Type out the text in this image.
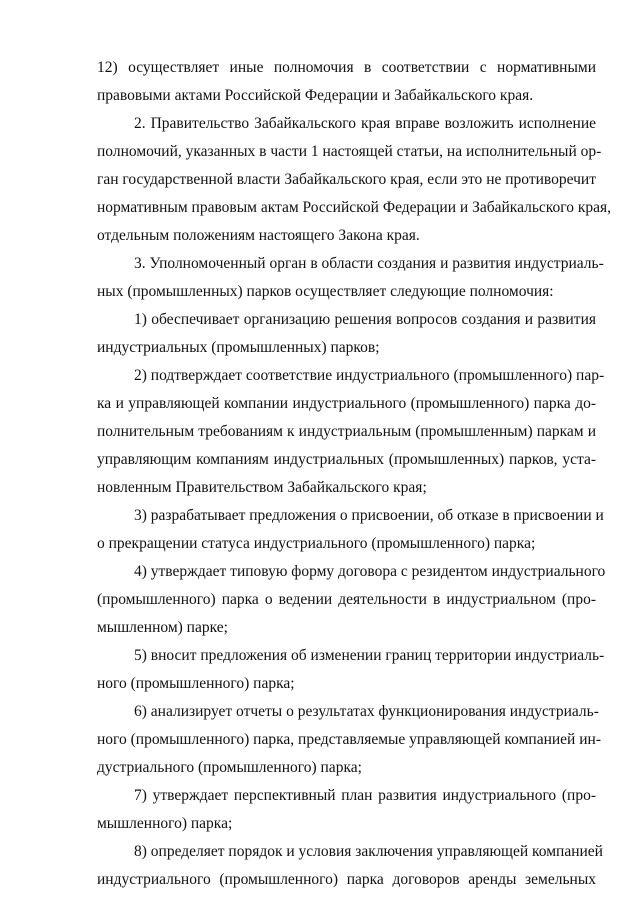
12) осуществляет иные полномочия в соответствии с нормативными
правовыми актами Российской Федерации и Забайкальского края.
2. Правительство Забайкальского края вправе возложить исполнение
полномочий, указанных в части 1 настоящей статьи, на исполнительный ор-
ган государственной власти Забайкальского края, если это не противоречит
нормативным правовым актам Российской Федерации и Забайкальского края,
отдельным положениям настоящего Закона края.
3. Уполномоченный орган в области создания и развития индустриаль-
ных (промышленных) парков осуществляет следующие полномочия:
1) обеспечивает организацию решения вопросов создания и развития
индустриальных (промышленных) парков;
2) подтверждает соответствие индустриального (промышленного) пар-
ка и управляющей компании индустриального (промышленного) парка до-
полнительным требованиям к индустриальным (промышленным) паркам и
управляющим компаниям индустриальных (промышленных) парков, уста-
новленным Правительством Забайкальского края;
3) разрабатывает предложения о присвоении, об отказе в присвоении и
о прекращении статуса индустриального (промышленного) парка;
4) утверждает типовую форму договора с резидентом индустриального
(промышленного) парка о ведении деятельности в индустриальном (про-
мышленном) парке;
5) вносит предложения об изменении границ территории индустриаль-
ного (промышленного) парка;
6) анализирует отчеты о результатах функционирования индустриаль-
ного (промышленного) парка, представляемые управляющей компанией ин-
дустриального (промышленного) парка;
7) утверждает перспективный план развития индустриального (про-
мышленного) парка;
8) определяет порядок и условия заключения управляющей компанией
индустриального (промышленного) парка договоров аренды земельных
